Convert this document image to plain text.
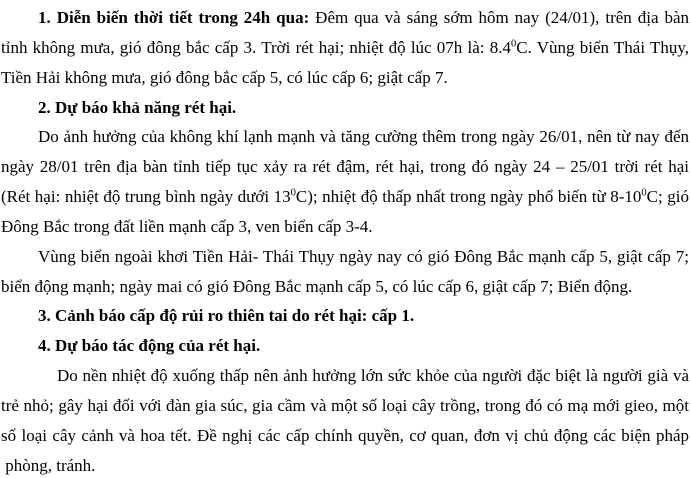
1. Diễn biến thời tiết trong 24h qua: Đêm qua và sáng sớm hôm nay (24/01), trên địa bàn tỉnh không mưa, gió đông bắc cấp 3. Trời rét hại; nhiệt độ lúc 07h là: $8.4^0C$. Vùng biển Thái Thụy, Tiền Hải không mưa, gió đông bắc cấp 5, có lúc cấp 6; giật cấp 7.

2. Dự báo khả năng rét hại.

Do ảnh hưởng của không khí lạnh mạnh và tăng cường thêm trong ngày 26/01, nên từ nay đến ngày 28/01 trên địa bàn tỉnh tiếp tục xảy ra rét đậm, rét hại, trong đó ngày 24 – 25/01 trời rét hại (Rét hại: nhiệt độ trung bình ngày dưới $13^0C$); nhiệt độ thấp nhất trong ngày phổ biến từ $8-10^0C$; gió Đông Bắc trong đất liền mạnh cấp 3, ven biển cấp 3-4.

Vùng biển ngoài khơi Tiền Hải- Thái Thụy ngày nay có gió Đông Bắc mạnh cấp 5, giật cấp 7; biển động mạnh; ngày mai có gió Đông Bắc mạnh cấp 5, có lúc cấp 6, giật cấp 7; Biển động.

3. Cảnh báo cấp độ rủi ro thiên tai do rét hại: cấp 1.

4. Dự báo tác động của rét hại.

Do nền nhiệt độ xuống thấp nên ảnh hưởng lớn sức khỏe của người đặc biệt là người già và trẻ nhỏ; gây hại đối với đàn gia súc, gia cầm và một số loại cây trồng, trong đó có mạ mới gieo, một số loại cây cảnh và hoa tết. Đề nghị các cấp chính quyền, cơ quan, đơn vị chủ động các biện pháp  phòng, tránh.
